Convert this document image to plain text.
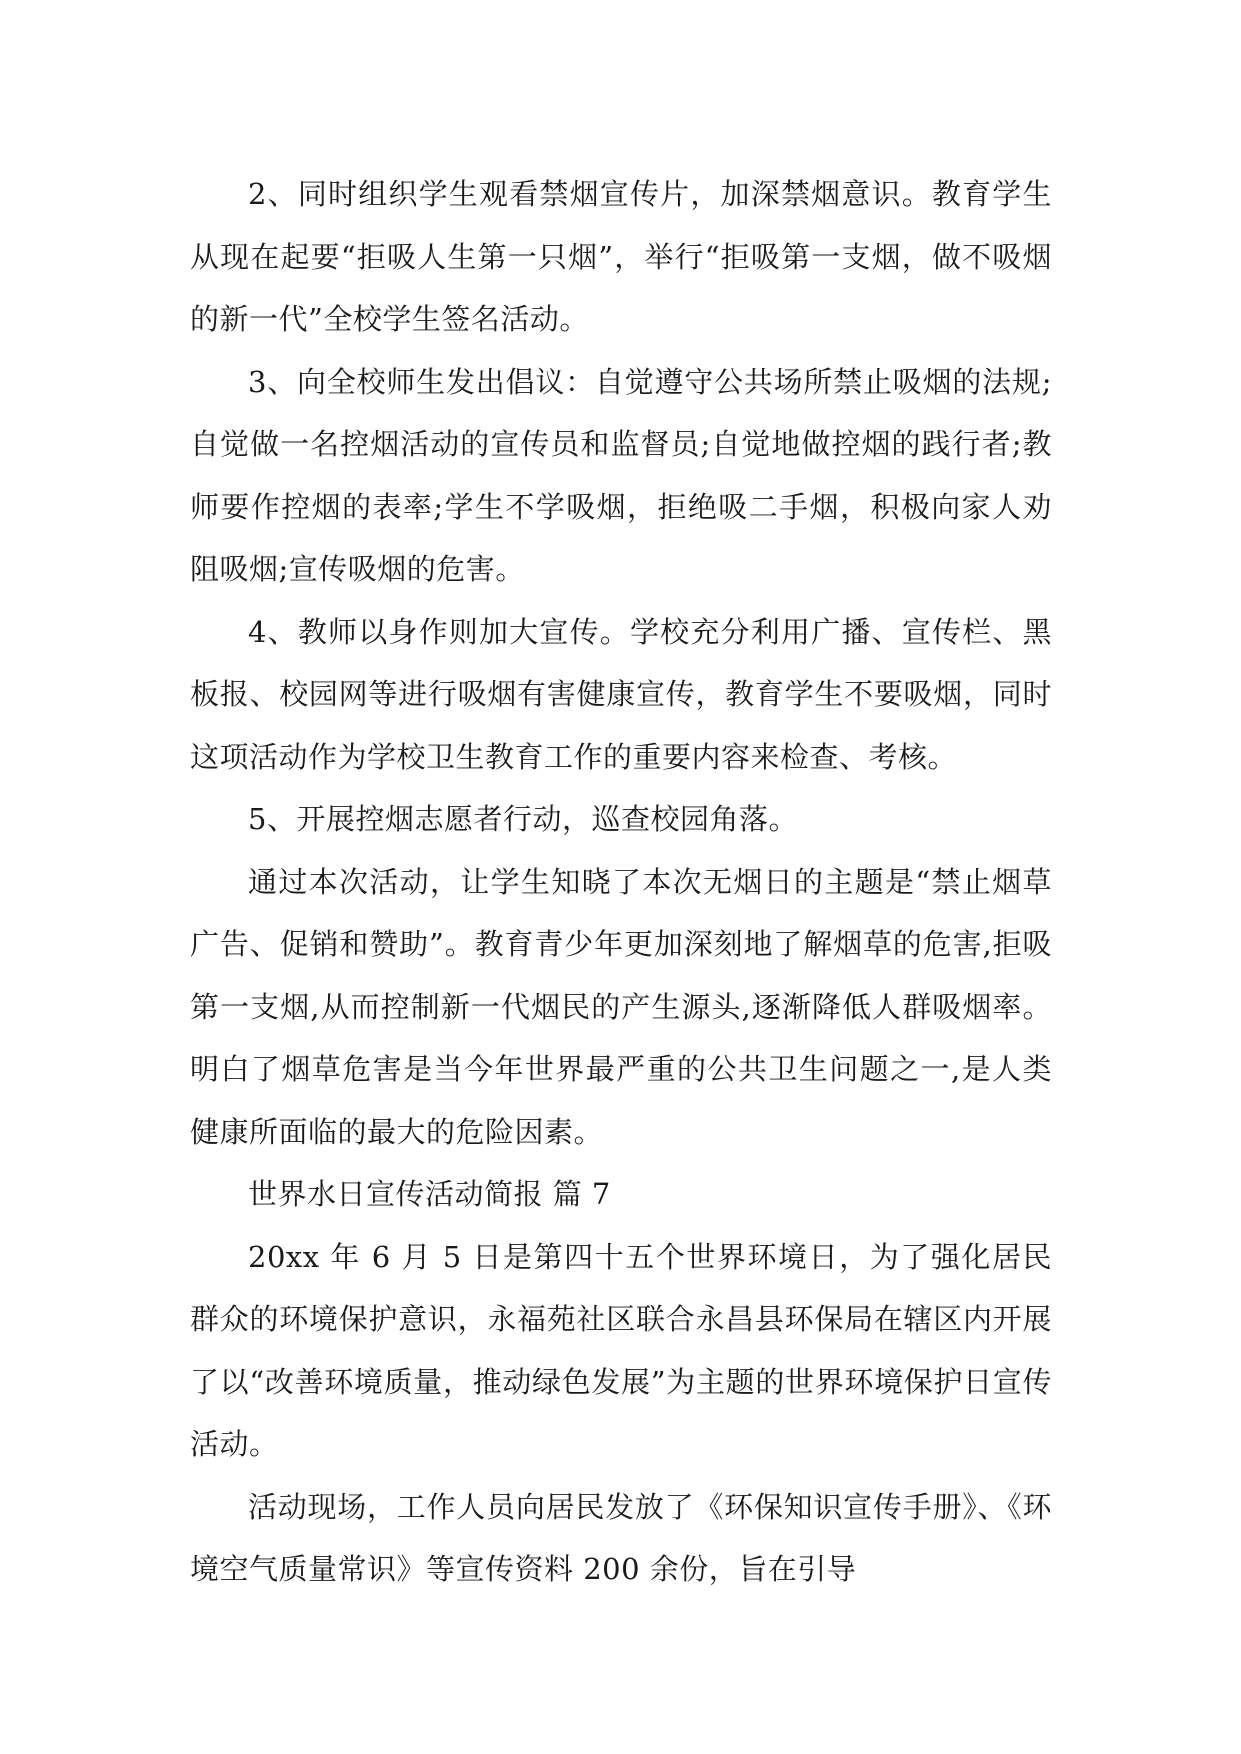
2、同时组织学生观看禁烟宣传片，加深禁烟意识。教育学生从现在起要“拒吸人生第一只烟”，举行“拒吸第一支烟，做不吸烟的新一代”全校学生签名活动。

3、向全校师生发出倡议：自觉遵守公共场所禁止吸烟的法规;自觉做一名控烟活动的宣传员和监督员;自觉地做控烟的践行者;教师要作控烟的表率;学生不学吸烟，拒绝吸二手烟，积极向家人劝阻吸烟;宣传吸烟的危害。

4、教师以身作则加大宣传。学校充分利用广播、宣传栏、黑板报、校园网等进行吸烟有害健康宣传，教育学生不要吸烟，同时这项活动作为学校卫生教育工作的重要内容来检查、考核。

5、开展控烟志愿者行动，巡查校园角落。

通过本次活动，让学生知晓了本次无烟日的主题是“禁止烟草广告、促销和赞助”。教育青少年更加深刻地了解烟草的危害,拒吸第一支烟,从而控制新一代烟民的产生源头,逐渐降低人群吸烟率。明白了烟草危害是当今年世界最严重的公共卫生问题之一,是人类健康所面临的最大的危险因素。

世界水日宣传活动简报 篇 7

20xx 年 6 月 5 日是第四十五个世界环境日，为了强化居民群众的环境保护意识，永福苑社区联合永昌县环保局在辖区内开展了以“改善环境质量，推动绿色发展”为主题的世界环境保护日宣传活动。

活动现场，工作人员向居民发放了《环保知识宣传手册》、《环境空气质量常识》等宣传资料 200 余份，旨在引导
